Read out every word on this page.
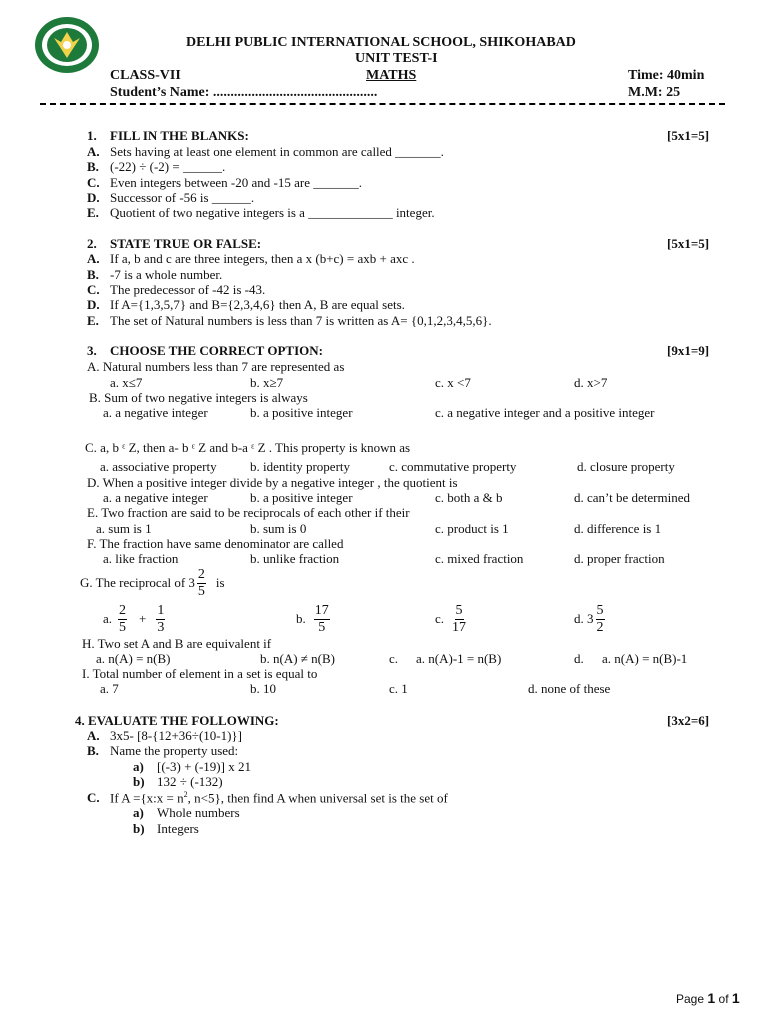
DELHI PUBLIC INTERNATIONAL SCHOOL, SHIKOHABAD
UNIT TEST-I
CLASS-VII	MATHS	Time: 40min
Student’s Name: ...............................................	M.M: 25
1. FILL IN THE BLANKS:	[5x1=5]
A. Sets having at least one element in common are called _______.
B. (-22) ÷ (-2) = ______.
C. Even integers between -20 and -15 are _______.
D. Successor of -56 is ______.
E. Quotient of two negative integers is a _____________ integer.
2. STATE TRUE OR FALSE:	[5x1=5]
A. If a, b and c are three integers, then a x (b+c) = axb + axc .
B. -7 is a whole number.
C. The predecessor of -42 is -43.
D. If A={1,3,5,7} and B={2,3,4,6} then A, B are equal sets.
E. The set of Natural numbers is less than 7 is written as A= {0,1,2,3,4,5,6}.
3. CHOOSE THE CORRECT OPTION:	[9x1=9]
A. Natural numbers less than 7 are represented as
a. x≤7	b. x≥7	c. x <7	d. x>7
B. Sum of two negative integers is always
a. a negative integer	b. a positive integer	c. a negative integer and a positive integer
C. a, b ᵋ Z, then a- b ᵋ Z and b-a ᵋ Z . This property is known as
a. associative property	b. identity property	c. commutative property	d. closure property
D. When a positive integer divide by a negative integer , the quotient is
a. a negative integer	b. a positive integer	c. both a & b	d. can’t be determined
E. Two fraction are said to be reciprocals of each other if their
a. sum is 1	b. sum is 0	c. product is 1	d. difference is 1
F. The fraction have same denominator are called
a. like fraction	b. unlike fraction	c. mixed fraction	d. proper fraction
G. The reciprocal of $3 \frac{2}{5}$ is
a. $\frac{2}{5} + \frac{1}{3}$	b. $\frac{17}{5}$	c. $\frac{5}{17}$	d. $3 \frac{5}{2}$
H. Two set A and B are equivalent if
a. n(A) = n(B)	b. n(A) ≠ n(B)	c. a. n(A)-1 = n(B)	d. a. n(A) = n(B)-1
I. Total number of element in a set is equal to
a. 7	b. 10	c. 1	d. none of these
4. EVALUATE THE FOLLOWING:	[3x2=6]
A. 3x5- [8-{12+36÷(10-1)}]
B. Name the property used:
a) [(-3) + (-19)] x 21
b) 132 ÷ (-132)
C. If A ={x:x = $n^2$, n<5}, then find A when universal set is the set of
a) Whole numbers
b) Integers
Page 1 of 1
